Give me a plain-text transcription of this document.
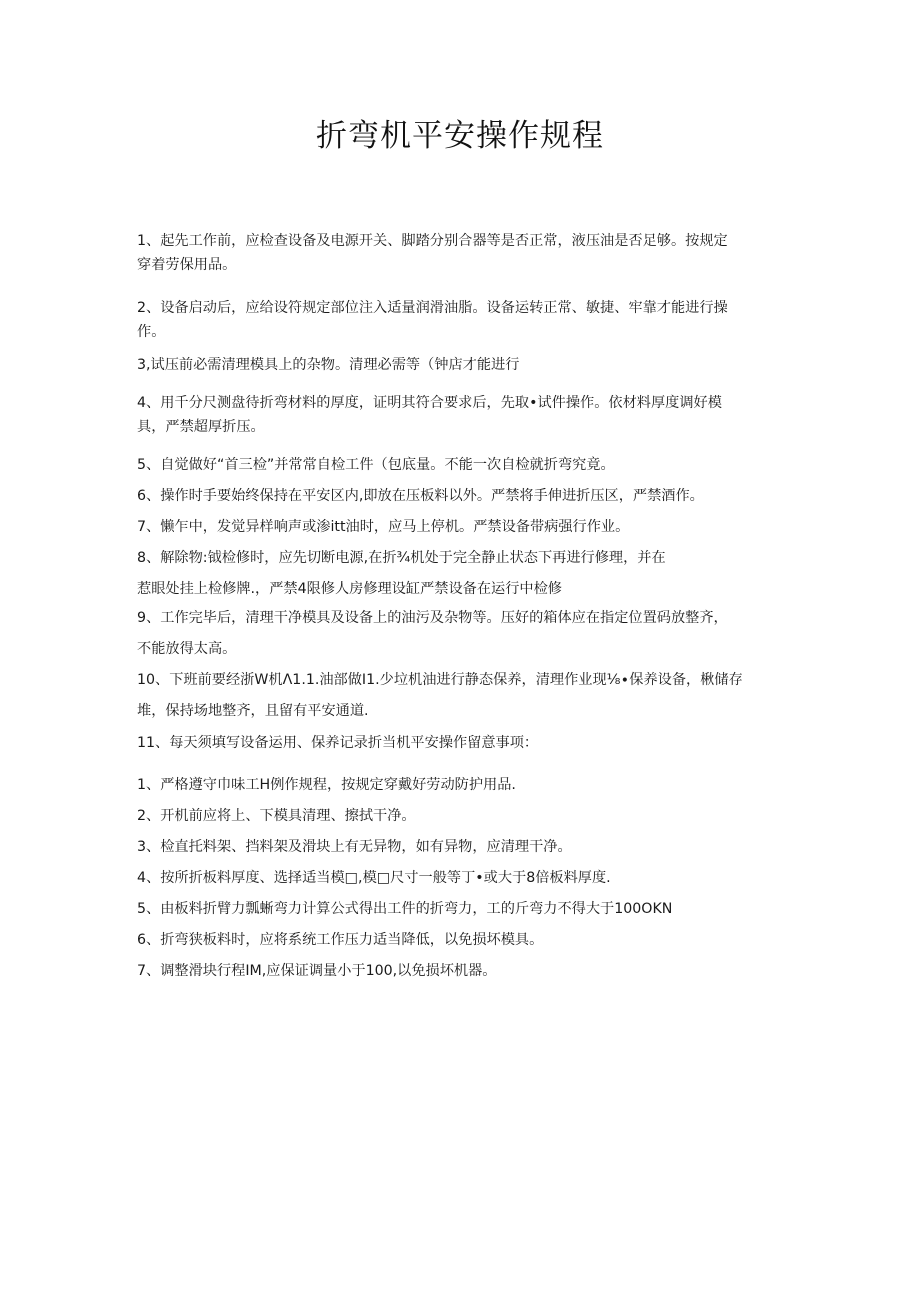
折弯机平安操作规程
1、起先工作前，应检查设备及电源开关、脚踏分别合器等是否正常，液压油是否足够。按规定
穿着劳保用品。
2、设备启动后，应给设符规定部位注入适量润滑油脂。设备运转正常、敏捷、牢靠才能进行操
作。
3,试压前必需清理模具上的杂物。清理必需等（钟店才能进行
4、用千分尺测盘待折弯材料的厚度，证明其符合要求后，先取•试件操作。依材料厚度调好模
具，严禁超厚折压。
5、自觉做好“首三检”并常常自检工件（包底量。不能一次自检就折弯究竟。
6、操作时手要始终保持在平安区内,即放在压板料以外。严禁将手伸进折压区，严禁酒作。
7、懒乍中，发觉异样响声或渗itt油时，应马上停机。严禁设备带病强行作业。
8、解除物:钺检修时，应先切断电源,在折¾机处于完全静止状态下再进行修理，并在
惹眼处挂上检修牌.，严禁4限修人房修理设缸严禁设备在运行中检修
9、工作完毕后，清理干净模具及设备上的油污及杂物等。压好的箱体应在指定位置码放整齐，
不能放得太高。
10、下班前要经浙W机Λ1.1.油部做I1.少垃机油进行静态保养，清理作业现⅛∙保养设备，楸储存
堆，保持场地整齐，且留有平安通道.
11、每天须填写设备运用、保养记录折当机平安操作留意事项：
1、严格遵守巾味工H例作规程，按规定穿戴好劳动防护用品.
2、开机前应将上、下模具清理、擦拭干净。
3、检直托料架、挡料架及滑块上有无异物，如有异物，应清理干净。
4、按所折板料厚度、选择适当模□,模□尺寸一般等丁•或大于8倍板料厚度.
5、由板料折臂力瓢蜥弯力计算公式得出工件的折弯力，工的斤弯力不得大于100OKN
6、折弯狭板料时，应将系统工作压力适当降低，以免损坏模具。
7、调整滑块行程IM,应保证调量小于100,以免损坏机器。
